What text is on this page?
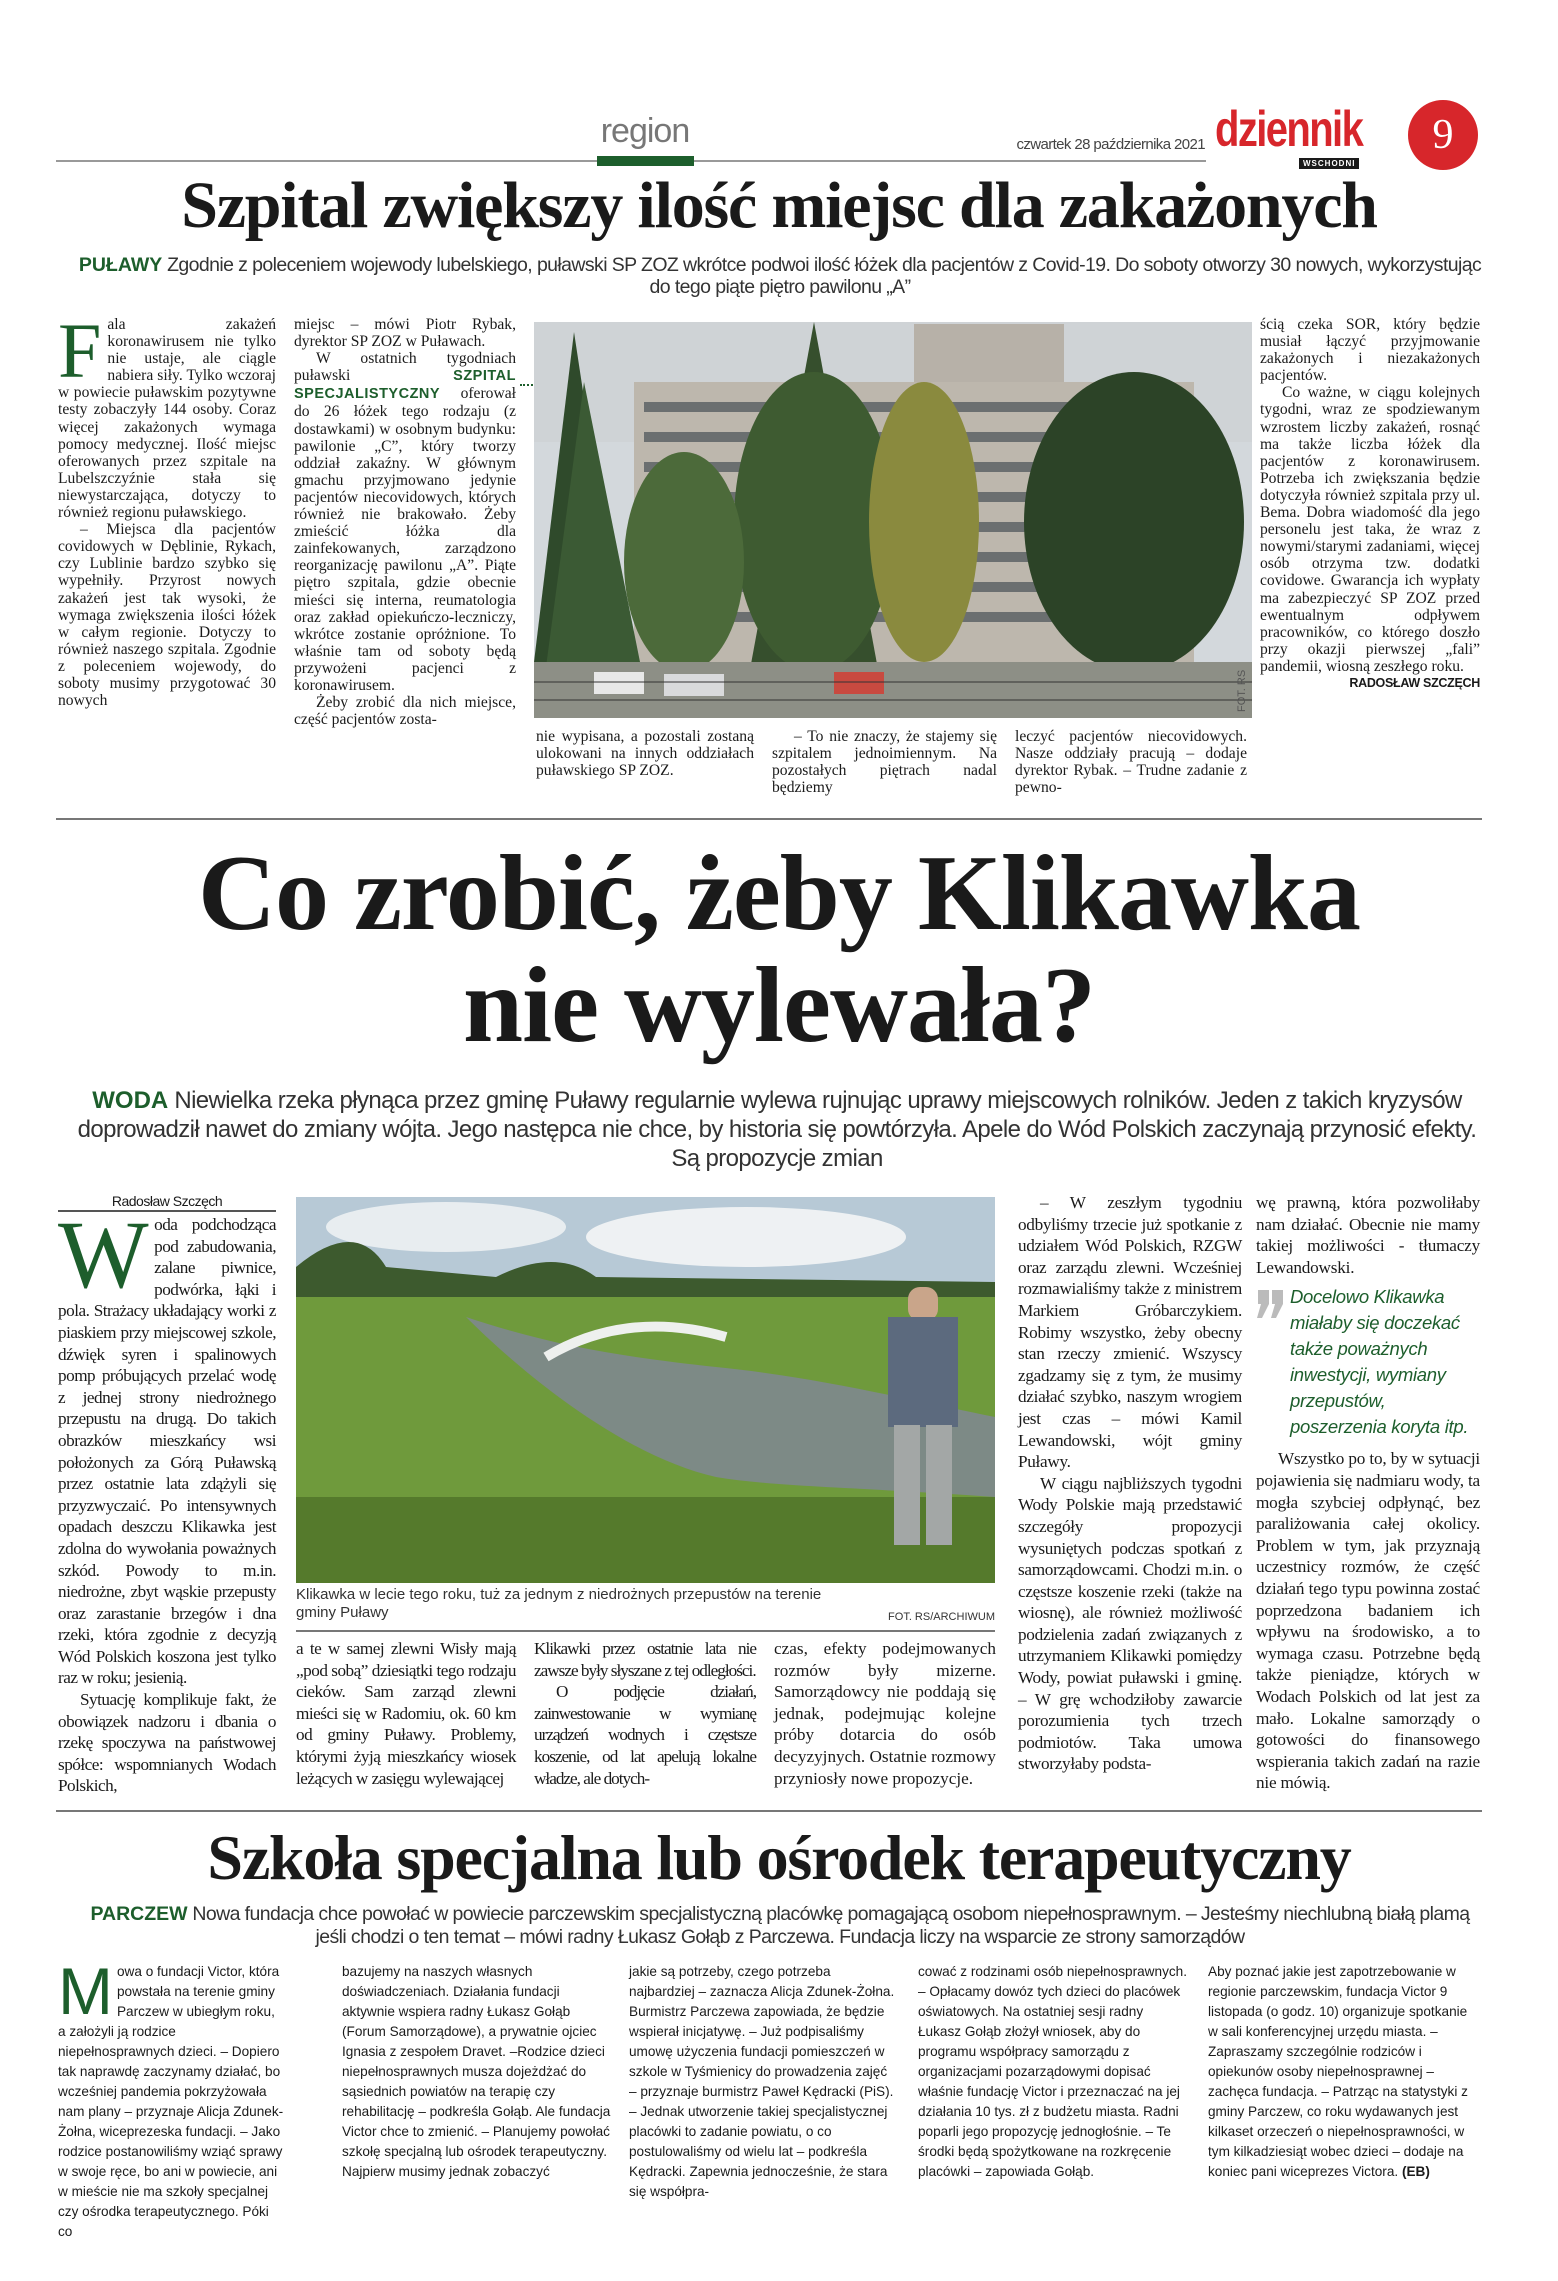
region	czwartek 28 października 2021 dziennik
WSCHODNI
9
Szpital zwiększy ilość miejsc dla zakażonych
PUŁAWY Zgodnie z poleceniem wojewody lubelskiego, puławski SP ZOZ wkrótce podwoi ilość łóżek dla pacjentów z Covid-19. Do soboty otworzy 30 nowych, wykorzystując do tego piąte piętro pawilonu „A”

Fala zakażeń koronawirusem nie tylko nie ustaje, ale ciągle nabiera siły. Tylko wczoraj w powiecie puławskim pozytywne testy zobaczyły 144 osoby. Coraz więcej zakażonych wymaga pomocy medycznej. Ilość miejsc oferowanych przez szpitale na Lubelszczyźnie stała się niewystarczająca, dotyczy to również regionu puławskiego.

– Miejsca dla pacjentów covidowych w Dęblinie, Rykach, czy Lublinie bardzo szybko się wypełniły. Przyrost nowych zakażeń jest tak wysoki, że wymaga zwiększenia ilości łóżek w całym regionie. Dotyczy to również naszego szpitala. Zgodnie z poleceniem wojewody, do soboty musimy przygotować 30 nowych

miejsc – mówi Piotr Rybak, dyrektor SP ZOZ w Puławach.

W ostatnich tygodniach puławski SZPITAL SPECJALISTYCZNY oferował do 26 łóżek tego rodzaju (z dostawkami) w osobnym budynku: pawilonie „C”, który tworzy oddział zakaźny. W głównym gmachu przyjmowano jedynie pacjentów niecovidowych, których również nie brakowało. Żeby zmieścić łóżka dla zainfekowanych, zarządzono reorganizację pawilonu „A”. Piąte piętro szpitala, gdzie obecnie mieści się interna, reumatologia oraz zakład opiekuńczo-leczniczy, wkrótce zostanie opróżnione. To właśnie tam od soboty będą przywożeni pacjenci z koronawirusem.

Żeby zrobić dla nich miejsce, część pacjentów zosta-

FOT. RS

nie wypisana, a pozostali zostaną ulokowani na innych oddziałach puławskiego SP ZOZ.

– To nie znaczy, że stajemy się szpitalem jednoimiennym. Na pozostałych piętrach nadal będziemy

leczyć pacjentów niecovidowych. Nasze oddziały pracują – dodaje dyrektor Rybak. – Trudne zadanie z pewno-

ścią czeka SOR, który będzie musiał łączyć przyjmowanie zakażonych i niezakażonych pacjentów.

Co ważne, w ciągu kolejnych tygodni, wraz ze spodziewanym wzrostem liczby zakażeń, rosnąć ma także liczba łóżek dla pacjentów z koronawirusem. Potrzeba ich zwiększania będzie dotyczyła również szpitala przy ul. Bema. Dobra wiadomość dla jego personelu jest taka, że wraz z nowymi/starymi zadaniami, więcej osób otrzyma tzw. dodatki covidowe. Gwarancja ich wypłaty ma zabezpieczyć SP ZOZ przed ewentualnym odpływem pracowników, co którego doszło przy okazji pierwszej „fali” pandemii, wiosną zeszłego roku.

RADOSŁAW SZCZĘCH

Co zrobić, żeby Klikawka
nie wylewała?
WODA Niewielka rzeka płynąca przez gminę Puławy regularnie wylewa rujnując uprawy miejscowych rolników. Jeden z takich kryzysów doprowadził nawet do zmiany wójta. Jego następca nie chce, by historia się powtórzyła. Apele do Wód Polskich zaczynają przynosić efekty. Są propozycje zmian
Radosław Szczęch

Woda podchodząca pod zabudowania, zalane piwnice, podwórka, łąki i pola. Strażacy układający worki z piaskiem przy miejscowej szkole, dźwięk syren i spalinowych pomp próbujących przelać wodę z jednej strony niedrożnego przepustu na drugą. Do takich obrazków mieszkańcy wsi położonych za Górą Puławską przez ostatnie lata zdążyli się przyzwyczaić. Po intensywnych opadach deszczu Klikawka jest zdolna do wywołania poważnych szkód. Powody to m.in. niedrożne, zbyt wąskie przepusty oraz zarastanie brzegów i dna rzeki, która zgodnie z decyzją Wód Polskich koszona jest tylko raz w roku; jesienią.

Sytuację komplikuje fakt, że obowiązek nadzoru i dbania o rzekę spoczywa na państwowej spółce: wspomnianych Wodach Polskich,

Klikawka w lecie tego roku, tuż za jednym z niedrożnych przepustów na terenie gminy Puławy	FOT. RS/ARCHIWUM

a te w samej zlewni Wisły mają „pod sobą” dziesiątki tego rodzaju cieków. Sam zarząd zlewni mieści się w Radomiu, ok. 60 km od gminy Puławy. Problemy, którymi żyją mieszkańcy wiosek leżących w zasięgu wylewającej

Klikawki przez ostatnie lata nie zawsze były słyszane z tej odległości.

O podjęcie działań, zainwestowanie w wymianę urządzeń wodnych i częstsze koszenie, od lat apelują lokalne władze, ale dotych-

czas, efekty podejmowanych rozmów były mizerne. Samorządowcy nie poddają się jednak, podejmując kolejne próby dotarcia do osób decyzyjnych. Ostatnie rozmowy przyniosły nowe propozycje.

– W zeszłym tygodniu odbyliśmy trzecie już spotkanie z udziałem Wód Polskich, RZGW oraz zarządu zlewni. Wcześniej rozmawialiśmy także z ministrem Markiem Gróbarczykiem. Robimy wszystko, żeby obecny stan rzeczy zmienić. Wszyscy zgadzamy się z tym, że musimy działać szybko, naszym wrogiem jest czas – mówi Kamil Lewandowski, wójt gminy Puławy.

W ciągu najbliższych tygodni Wody Polskie mają przedstawić szczegóły propozycji wysuniętych podczas spotkań z samorządowcami. Chodzi m.in. o częstsze koszenie rzeki (także na wiosnę), ale również możliwość podzielenia zadań związanych z utrzymaniem Klikawki pomiędzy Wody, powiat puławski i gminę. – W grę wchodziłoby zawarcie porozumienia tych trzech podmiotów. Taka umowa stworzyłaby podsta-

wę prawną, która pozwoliłaby nam działać. Obecnie nie mamy takiej możliwości - tłumaczy Lewandowski.

Docelowo Klikawka miałaby się doczekać także poważnych inwestycji, wymiany przepustów, poszerzenia koryta itp.

Wszystko po to, by w sytuacji pojawienia się nadmiaru wody, ta mogła szybciej odpłynąć, bez paraliżowania całej okolicy. Problem w tym, jak przyznają uczestnicy rozmów, że część działań tego typu powinna zostać poprzedzona badaniem ich wpływu na środowisko, a to wymaga czasu. Potrzebne będą także pieniądze, których w Wodach Polskich od lat jest za mało. Lokalne samorządy o gotowości do finansowego wspierania takich zadań na razie nie mówią.

Szkoła specjalna lub ośrodek terapeutyczny
PARCZEW Nowa fundacja chce powołać w powiecie parczewskim specjalistyczną placówkę pomagającą osobom niepełnosprawnym. – Jesteśmy niechlubną białą plamą jeśli chodzi o ten temat – mówi radny Łukasz Gołąb z Parczewa. Fundacja liczy na wsparcie ze strony samorządów

Mowa o fundacji Victor, która powstała na terenie gminy Parczew w ubiegłym roku, a założyli ją rodzice niepełnosprawnych dzieci. – Dopiero tak naprawdę zaczynamy działać, bo wcześniej pandemia pokrzyżowała nam plany – przyznaje Alicja Zdunek-Żołna, wiceprezeska fundacji. – Jako rodzice postanowiliśmy wziąć sprawy w swoje ręce, bo ani w powiecie, ani w mieście nie ma szkoły specjalnej czy ośrodka terapeutycznego. Póki co

bazujemy na naszych własnych doświadczeniach. Działania fundacji aktywnie wspiera radny Łukasz Gołąb (Forum Samorządowe), a prywatnie ojciec Ignasia z zespołem Dravet. –Rodzice dzieci niepełnosprawnych musza dojeżdżać do sąsiednich powiatów na terapię czy rehabilitację – podkreśla Gołąb. Ale fundacja Victor chce to zmienić. – Planujemy powołać szkołę specjalną lub ośrodek terapeutyczny. Najpierw musimy jednak zobaczyć

jakie są potrzeby, czego potrzeba najbardziej – zaznacza Alicja Zdunek-Żołna. Burmistrz Parczewa zapowiada, że będzie wspierał inicjatywę. – Już podpisaliśmy umowę użyczenia fundacji pomieszczeń w szkole w Tyśmienicy do prowadzenia zajęć – przyznaje burmistrz Paweł Kędracki (PiS). – Jednak utworzenie takiej specjalistycznej placówki to zadanie powiatu, o co postulowaliśmy od wielu lat – podkreśla Kędracki. Zapewnia jednocześnie, że stara się współpra-

cować z rodzinami osób niepełnosprawnych. – Opłacamy dowóz tych dzieci do placówek oświatowych. Na ostatniej sesji radny Łukasz Gołąb złożył wniosek, aby do programu współpracy samorządu z organizacjami pozarządowymi dopisać właśnie fundację Victor i przeznaczać na jej działania 10 tys. zł z budżetu miasta. Radni poparli jego propozycję jednogłośnie. – Te środki będą spożytkowane na rozkręcenie placówki – zapowiada Gołąb.

Aby poznać jakie jest zapotrzebowanie w regionie parczewskim, fundacja Victor 9 listopada (o godz. 10) organizuje spotkanie w sali konferencyjnej urzędu miasta. – Zapraszamy szczególnie rodziców i opiekunów osoby niepełnosprawnej – zachęca fundacja. – Patrząc na statystyki z gminy Parczew, co roku wydawanych jest kilkaset orzeczeń o niepełnosprawności, w tym kilkadziesiąt wobec dzieci – dodaje na koniec pani wiceprezes Victora. (EB)
